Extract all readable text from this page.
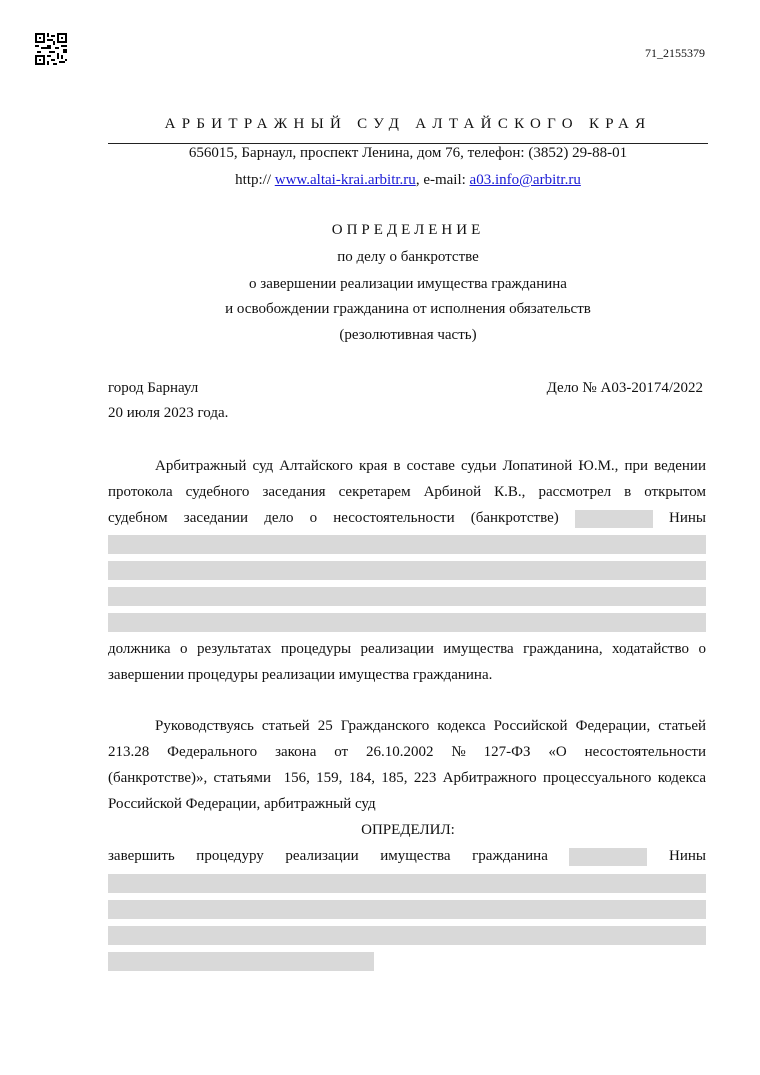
71_2155379
АРБИТРАЖНЫЙ СУД АЛТАЙСКОГО КРАЯ
656015, Барнаул, проспект Ленина, дом 76, телефон: (3852) 29-88-01
http:// www.altai-krai.arbitr.ru, e-mail: a03.info@arbitr.ru
ОПРЕДЕЛЕНИЕ
по делу о банкротстве
о завершении реализации имущества гражданина
и освобождении гражданина от исполнения обязательств
(резолютивная часть)
город Барнаул	Дело № А03-20174/2022
20 июля 2023 года.
Арбитражный суд Алтайского края в составе судьи Лопатиной Ю.М., при ведении
протокола судебного заседания секретарем Арбиной К.В., рассмотрел в открытом
судебном заседании дело о несостоятельности (банкротстве)	Нины
должника о результатах процедуры реализации имущества гражданина, ходатайство о
завершении процедуры реализации имущества гражданина.
Руководствуясь статьей 25 Гражданского кодекса Российской Федерации, статьей
213.28 Федерального закона от 26.10.2002 № 127-ФЗ «О несостоятельности
(банкротстве)», статьями  156, 159, 184, 185, 223 Арбитражного процессуального кодекса
Российской Федерации, арбитражный суд
ОПРЕДЕЛИЛ:
завершить процедуру реализации имущества гражданина	Нины
